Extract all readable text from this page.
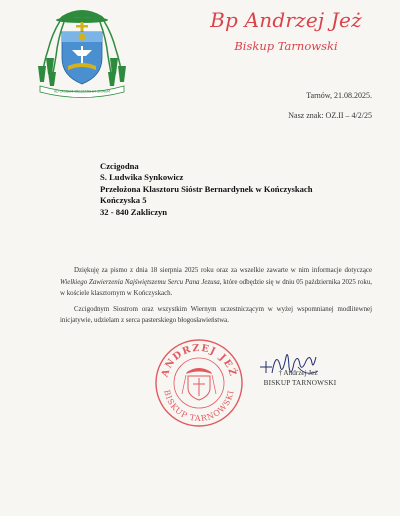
AD LAUDEM TRINITATIS ET SIGNUM
Bp Andrzej Jeż
Biskup Tarnowski
Tarnów, 21.08.2025.
Nasz znak: OZ.II – 4/2/25
Czcigodna
S. Ludwika Synkowicz
Przełożona Klasztoru Sióstr Bernardynek w Kończyskach
Kończyska 5
32 - 840 Zakliczyn

Dziękuję za pismo z dnia 18 sierpnia 2025 roku oraz za wszelkie zawarte w nim informacje dotyczące Wielkiego Zawierzenia Najświętszemu Sercu Pana Jezusa, które odbędzie się w dniu 05 października 2025 roku, w kościele klasztornym w Kończyskach.

Czcigodnym Siostrom oraz wszystkim Wiernym uczestniczącym w wyżej wspomnianej modlitewnej inicjatywie, udzielam z serca pasterskiego błogosławieństwa.

ANDRZEJ JEŻ
BISKUP TARNOWSKI
† Andrzej Jeż
BISKUP TARNOWSKI
